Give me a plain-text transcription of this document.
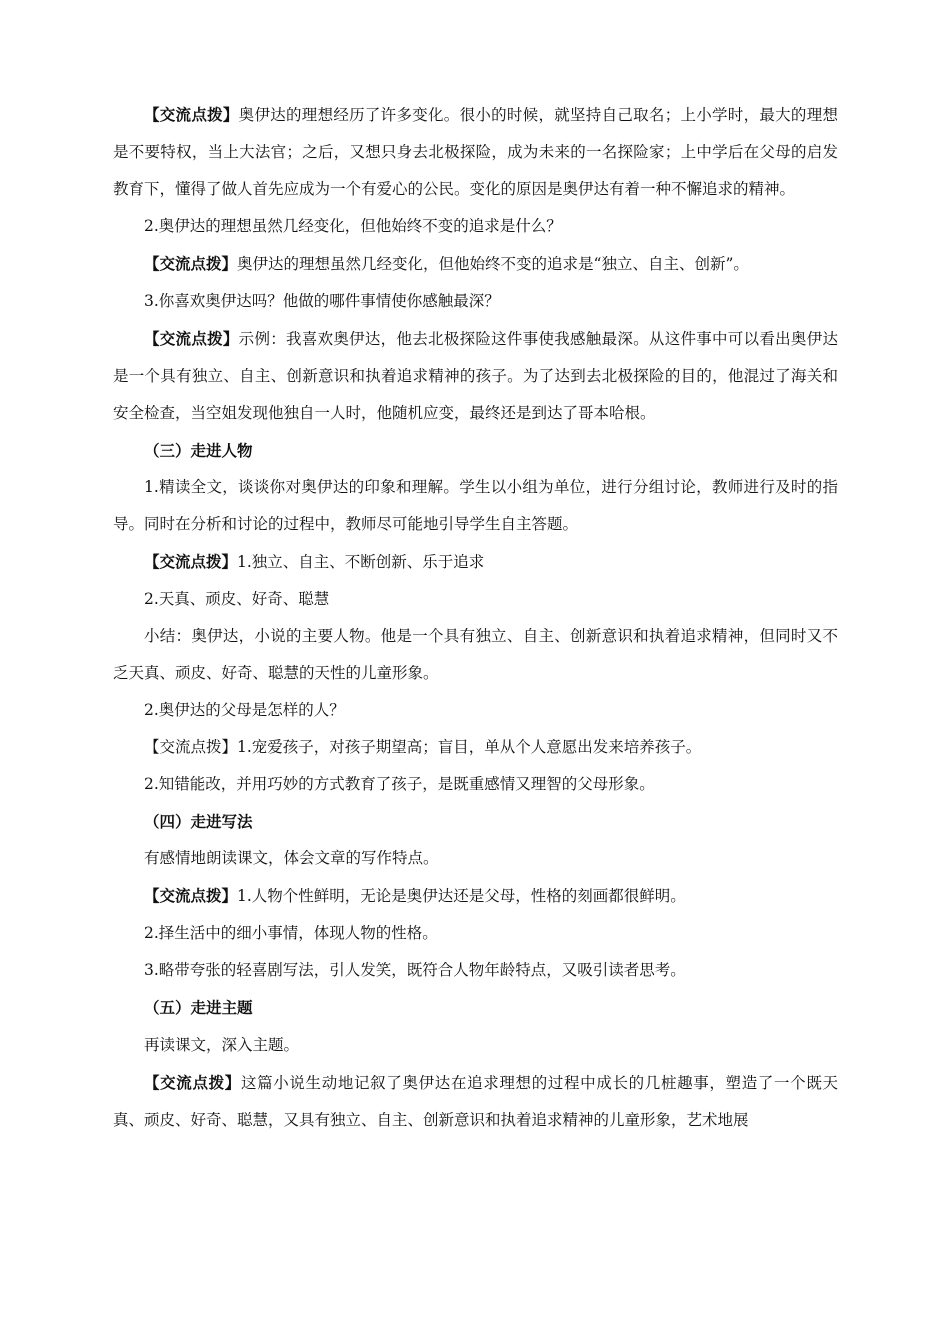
【交流点拨】奥伊达的理想经历了许多变化。很小的时候，就坚持自己取名；上小学时，最大的理想是不要特权，当上大法官；之后，又想只身去北极探险，成为未来的一名探险家；上中学后在父母的启发教育下，懂得了做人首先应成为一个有爱心的公民。变化的原因是奥伊达有着一种不懈追求的精神。

2.奥伊达的理想虽然几经变化，但他始终不变的追求是什么？

【交流点拨】奥伊达的理想虽然几经变化，但他始终不变的追求是“独立、自主、创新”。

3.你喜欢奥伊达吗？他做的哪件事情使你感触最深？

【交流点拨】示例：我喜欢奥伊达，他去北极探险这件事使我感触最深。从这件事中可以看出奥伊达是一个具有独立、自主、创新意识和执着追求精神的孩子。为了达到去北极探险的目的，他混过了海关和安全检查，当空姐发现他独自一人时，他随机应变，最终还是到达了哥本哈根。

（三）走进人物

1.精读全文，谈谈你对奥伊达的印象和理解。学生以小组为单位，进行分组讨论，教师进行及时的指导。同时在分析和讨论的过程中，教师尽可能地引导学生自主答题。

【交流点拨】1.独立、自主、不断创新、乐于追求

2.天真、顽皮、好奇、聪慧

小结：奥伊达，小说的主要人物。他是一个具有独立、自主、创新意识和执着追求精神，但同时又不乏天真、顽皮、好奇、聪慧的天性的儿童形象。

2.奥伊达的父母是怎样的人？

【交流点拨】1.宠爱孩子，对孩子期望高；盲目，单从个人意愿出发来培养孩子。

2.知错能改，并用巧妙的方式教育了孩子，是既重感情又理智的父母形象。

（四）走进写法

有感情地朗读课文，体会文章的写作特点。

【交流点拨】1.人物个性鲜明，无论是奥伊达还是父母，性格的刻画都很鲜明。

2.择生活中的细小事情，体现人物的性格。

3.略带夸张的轻喜剧写法，引人发笑，既符合人物年龄特点，又吸引读者思考。

（五）走进主题

再读课文，深入主题。

【交流点拨】这篇小说生动地记叙了奥伊达在追求理想的过程中成长的几桩趣事，塑造了一个既天真、顽皮、好奇、聪慧，又具有独立、自主、创新意识和执着追求精神的儿童形象，艺术地展
